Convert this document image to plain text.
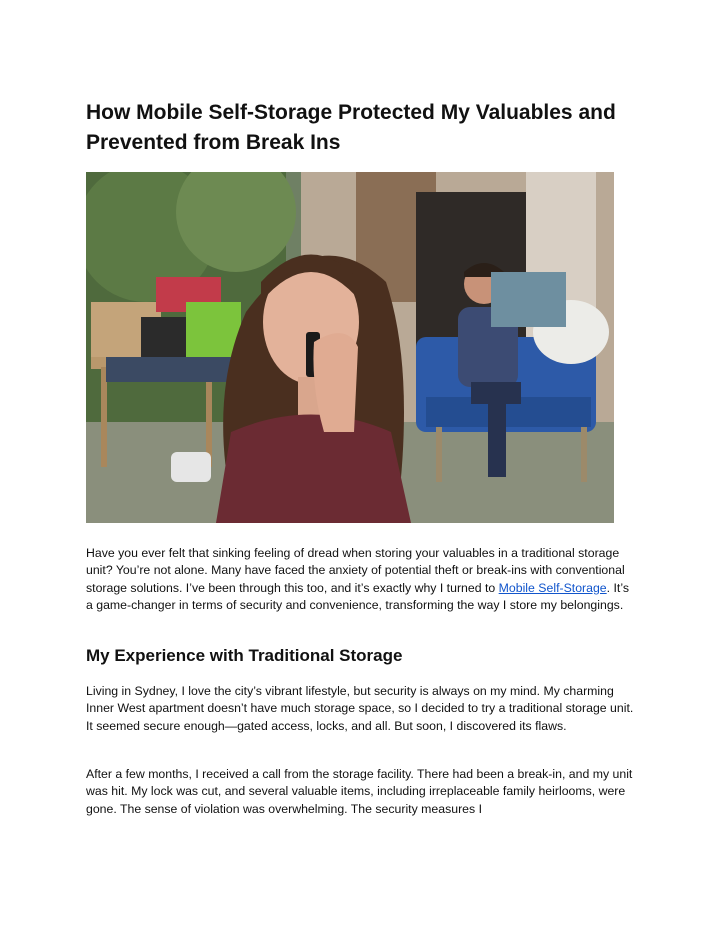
How Mobile Self-Storage Protected My Valuables and Prevented from Break Ins

Have you ever felt that sinking feeling of dread when storing your valuables in a traditional storage unit? You’re not alone. Many have faced the anxiety of potential theft or break-ins with conventional storage solutions. I’ve been through this too, and it’s exactly why I turned to Mobile Self-Storage. It’s a game-changer in terms of security and convenience, transforming the way I store my belongings.

My Experience with Traditional Storage

Living in Sydney, I love the city’s vibrant lifestyle, but security is always on my mind. My charming Inner West apartment doesn’t have much storage space, so I decided to try a traditional storage unit. It seemed secure enough—gated access, locks, and all. But soon, I discovered its flaws.

After a few months, I received a call from the storage facility. There had been a break-in, and my unit was hit. My lock was cut, and several valuable items, including irreplaceable family heirlooms, were gone. The sense of violation was overwhelming. The security measures I
